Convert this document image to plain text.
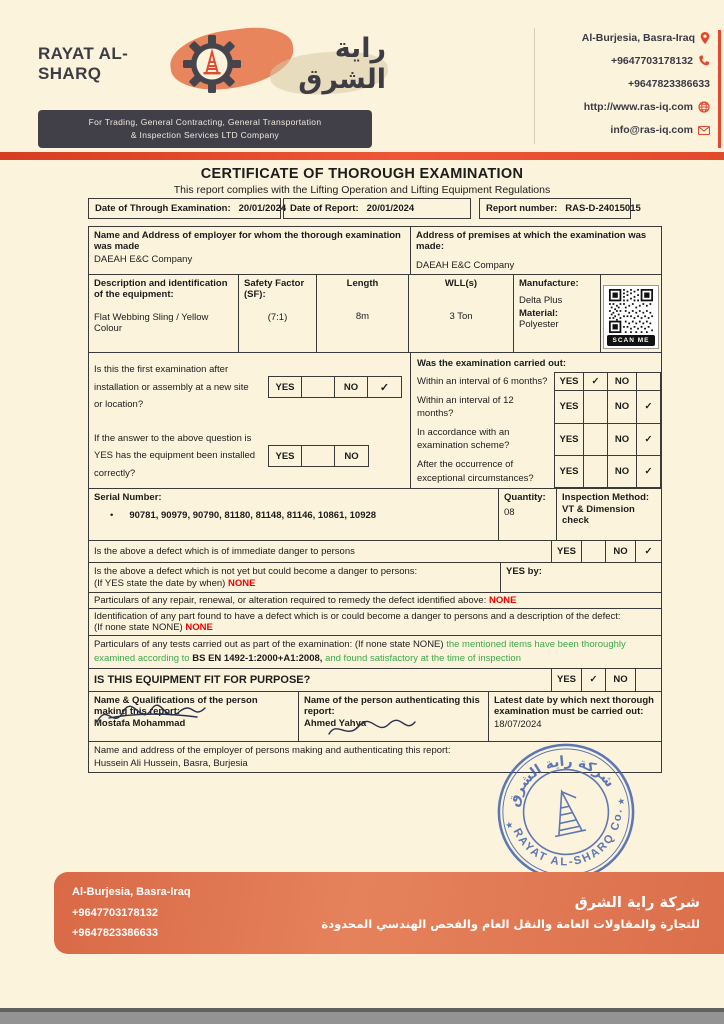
RAYAT AL-SHARQ
راية الشرق
For Trading, General Contracting, General Transportation
& Inspection Services LTD Company
Al-Burjesia, Basra-Iraq
+9647703178132
+9647823386633
http://www.ras-iq.com
info@ras-iq.com
CERTIFICATE OF THOROUGH EXAMINATION
This report complies with the Lifting Operation and Lifting Equipment Regulations
Date of Through Examination: 20/01/2024 Date of Report: 20/01/2024	Report number: RAS-D-24015015
Name and Address of employer for whom the thorough examination was made
DAEAH E&C Company
Address of premises at which the examination was made:
DAEAH E&C Company
Description and identification of the equipment:
Flat Webbing Sling / Yellow Colour
Safety Factor (SF):
(7:1)
Length
8m
WLL(s)
3 Ton
Manufacture:
Delta Plus
Material:
Polyester
SCAN ME
Is this the first examination after installation or assembly at a new site or location?
YES	NO	✓
If the answer to the above question is YES has the equipment been installed correctly?
YES	NO
Was the examination carried out:
Within an interval of 6 months?	YES	✓	NO	
Within an interval of 12 months?	YES		NO	✓
In accordance with an examination scheme?	YES		NO	✓
After the occurrence of exceptional circumstances?	YES		NO	✓
Serial Number:
• 90781, 90979, 90790, 81180, 81148, 81146, 10861, 10928
Quantity:
08
Inspection Method:
VT & Dimension check
Is the above a defect which is of immediate danger to persons	YES	NO	✓
Is the above a defect which is not yet but could become a danger to persons:
(If YES state the date by when) NONE
YES by:
Particulars of any repair, renewal, or alteration required to remedy the defect identified above: NONE
Identification of any part found to have a defect which is or could become a danger to persons and a description of the defect:
(If none state NONE) NONE
Particulars of any tests carried out as part of the examination: (If none state NONE) the mentioned items have been thoroughly examined according to BS EN 1492-1:2000+A1:2008, and found satisfactory at the time of inspection
IS THIS EQUIPMENT FIT FOR PURPOSE?	YES	✓	NO
Name & Qualifications of the person making this report:
Mostafa Mohammad
Name of the person authenticating this report:
Ahmed Yahya
Latest date by which next thorough examination must be carried out:
18/07/2024
Name and address of the employer of persons making and authenticating this report:
Hussein Ali Hussein, Basra, Burjesia
شركة راية الشرق
RAYAT AL-SHARQ Co.
★
★
Al-Burjesia, Basra-Iraq
+9647703178132
+9647823386633
شركة راية الشرق
للتجارة والمقاولات العامة والنقل العام والفحص الهندسي المحدودة
